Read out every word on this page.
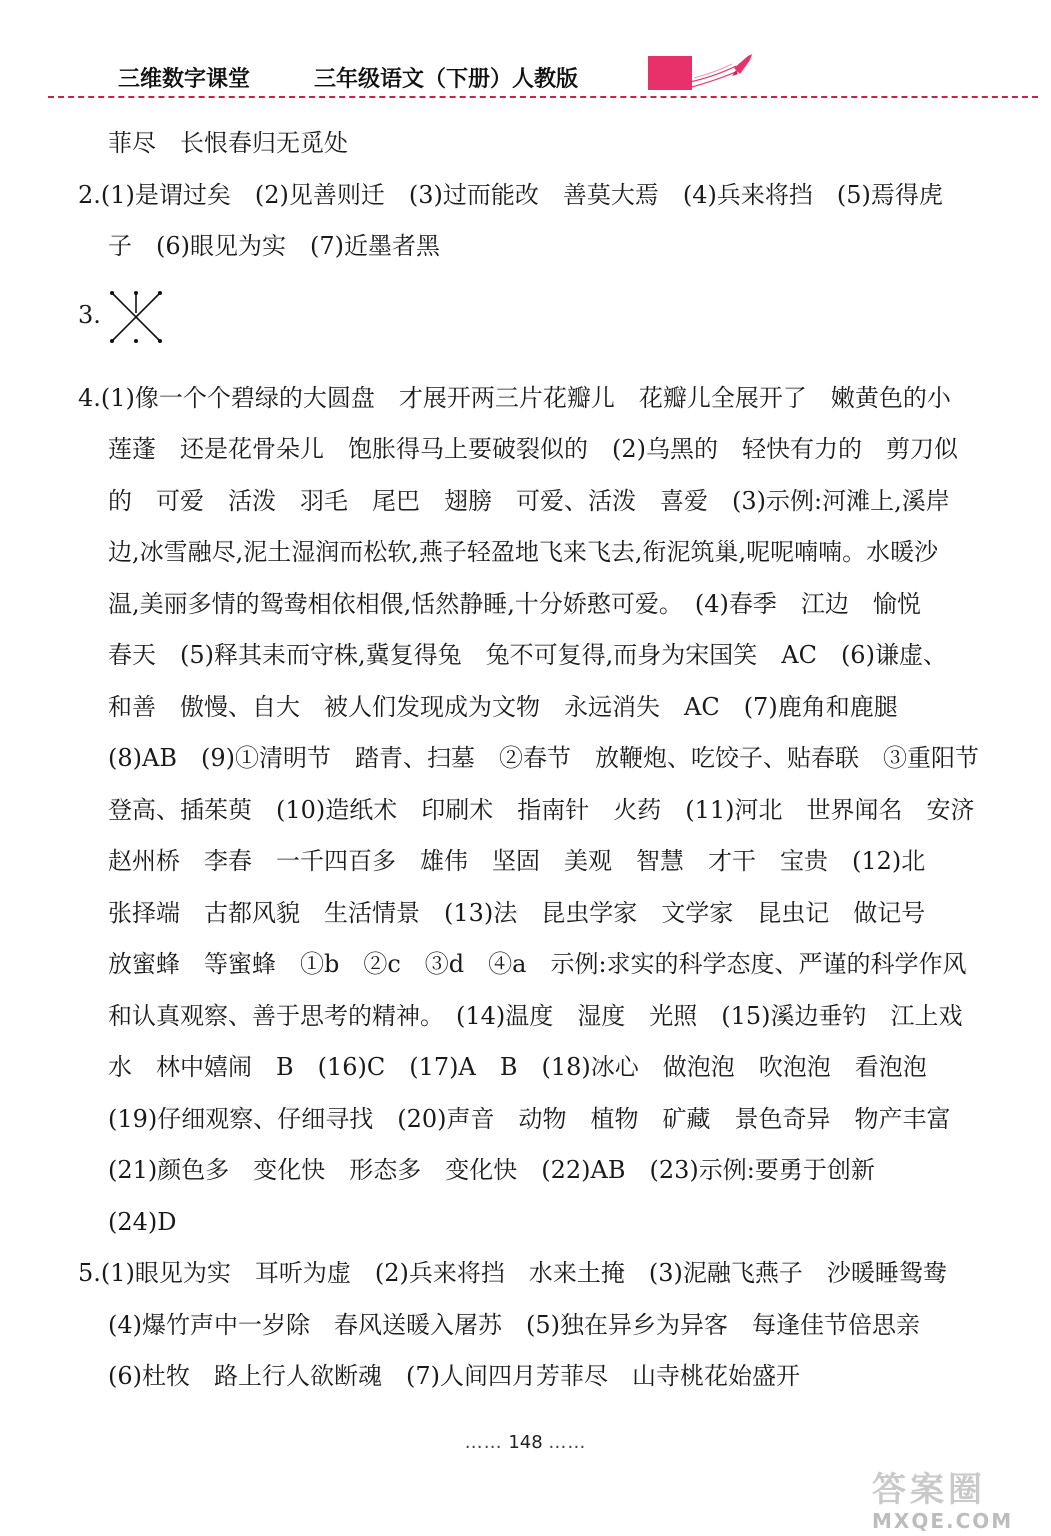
三维数字课堂	三年级语文（下册）人教版
菲尽　长恨春归无觅处
2.(1)是谓过矣　(2)见善则迁　(3)过而能改　善莫大焉　(4)兵来将挡　(5)焉得虎
子　(6)眼见为实　(7)近墨者黑
3.
4.(1)像一个个碧绿的大圆盘　才展开两三片花瓣儿　花瓣儿全展开了　嫩黄色的小
莲蓬　还是花骨朵儿　饱胀得马上要破裂似的　(2)乌黑的　轻快有力的　剪刀似
的　可爱　活泼　羽毛　尾巴　翅膀　可爱、活泼　喜爱　(3)示例:河滩上,溪岸
边,冰雪融尽,泥土湿润而松软,燕子轻盈地飞来飞去,衔泥筑巢,呢呢喃喃。水暖沙
温,美丽多情的鸳鸯相依相偎,恬然静睡,十分娇憨可爱。　(4)春季　江边　愉悦
春天　(5)释其耒而守株,冀复得兔　兔不可复得,而身为宋国笑　AC　(6)谦虚、
和善　傲慢、自大　被人们发现成为文物　永远消失　AC　(7)鹿角和鹿腿
(8)AB　(9)①清明节　踏青、扫墓　②春节　放鞭炮、吃饺子、贴春联　③重阳节
登高、插茱萸　(10)造纸术　印刷术　指南针　火药　(11)河北　世界闻名　安济
赵州桥　李春　一千四百多　雄伟　坚固　美观　智慧　才干　宝贵　(12)北
张择端　古都风貌　生活情景　(13)法　昆虫学家　文学家　昆虫记　做记号
放蜜蜂　等蜜蜂　①b　②c　③d　④a　示例:求实的科学态度、严谨的科学作风
和认真观察、善于思考的精神。　(14)温度　湿度　光照　(15)溪边垂钓　江上戏
水　林中嬉闹　B　(16)C　(17)A　B　(18)冰心　做泡泡　吹泡泡　看泡泡
(19)仔细观察、仔细寻找　(20)声音　动物　植物　矿藏　景色奇异　物产丰富
(21)颜色多　变化快　形态多　变化快　(22)AB　(23)示例:要勇于创新
(24)D
5.(1)眼见为实　耳听为虚　(2)兵来将挡　水来土掩　(3)泥融飞燕子　沙暖睡鸳鸯
(4)爆竹声中一岁除　春风送暖入屠苏　(5)独在异乡为异客　每逢佳节倍思亲
(6)杜牧　路上行人欲断魂　(7)人间四月芳菲尽　山寺桃花始盛开
…… 148 ……
答案圈
MXQE.COM
